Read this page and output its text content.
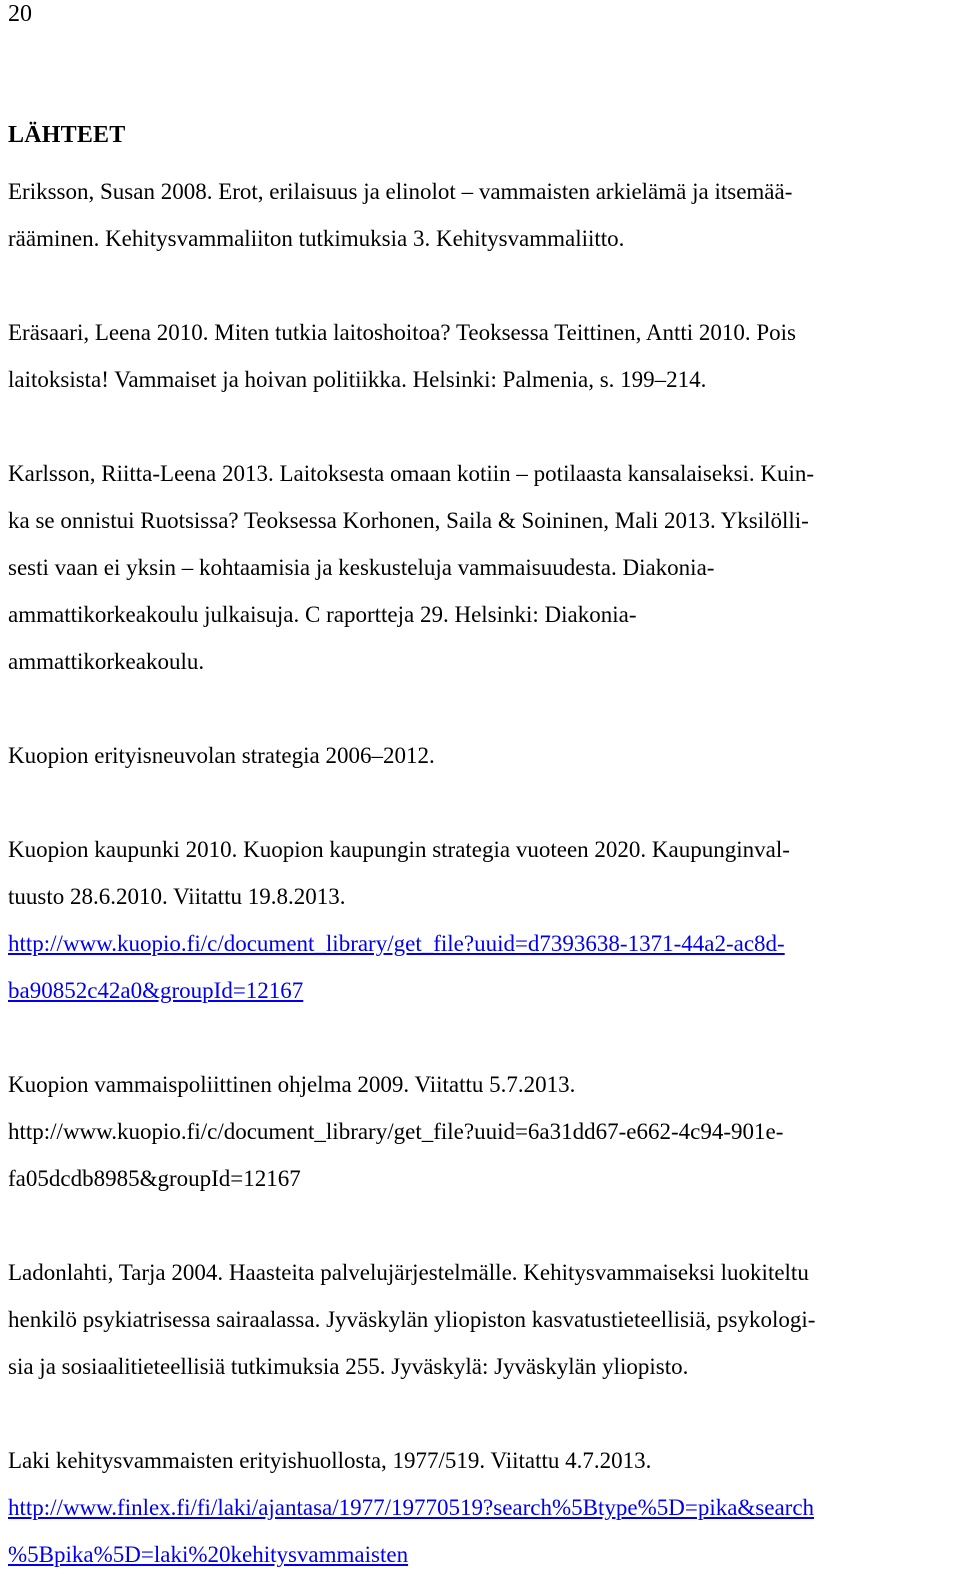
20
LÄHTEET
Eriksson, Susan 2008. Erot, erilaisuus ja elinolot – vammaisten arkielämä ja itsemää-
rääminen. Kehitysvammaliiton tutkimuksia 3. Kehitysvammaliitto.
Eräsaari, Leena 2010. Miten tutkia laitoshoitoa? Teoksessa Teittinen, Antti 2010. Pois
laitoksista! Vammaiset ja hoivan politiikka. Helsinki: Palmenia, s. 199–214.
Karlsson, Riitta-Leena 2013. Laitoksesta omaan kotiin – potilaasta kansalaiseksi. Kuin-
ka se onnistui Ruotsissa? Teoksessa Korhonen, Saila & Soininen, Mali 2013. Yksilölli-
sesti vaan ei yksin – kohtaamisia ja keskusteluja vammaisuudesta. Diakonia-
ammattikorkeakoulu julkaisuja. C raportteja 29. Helsinki: Diakonia-
ammattikorkeakoulu.
Kuopion erityisneuvolan strategia 2006–2012.
Kuopion kaupunki 2010. Kuopion kaupungin strategia vuoteen 2020. Kaupunginval-
tuusto 28.6.2010. Viitattu 19.8.2013.
http://www.kuopio.fi/c/document_library/get_file?uuid=d7393638-1371-44a2-ac8d-
ba90852c42a0&groupId=12167
Kuopion vammaispoliittinen ohjelma 2009. Viitattu 5.7.2013.
http://www.kuopio.fi/c/document_library/get_file?uuid=6a31dd67-e662-4c94-901e-
fa05dcdb8985&groupId=12167
Ladonlahti, Tarja 2004. Haasteita palvelujärjestelmälle. Kehitysvammaiseksi luokiteltu
henkilö psykiatrisessa sairaalassa. Jyväskylän yliopiston kasvatustieteellisiä, psykologi-
sia ja sosiaalitieteellisiä tutkimuksia 255. Jyväskylä: Jyväskylän yliopisto.
Laki kehitysvammaisten erityishuollosta, 1977/519. Viitattu 4.7.2013.
http://www.finlex.fi/fi/laki/ajantasa/1977/19770519?search%5Btype%5D=pika&search
%5Bpika%5D=laki%20kehitysvammaisten
